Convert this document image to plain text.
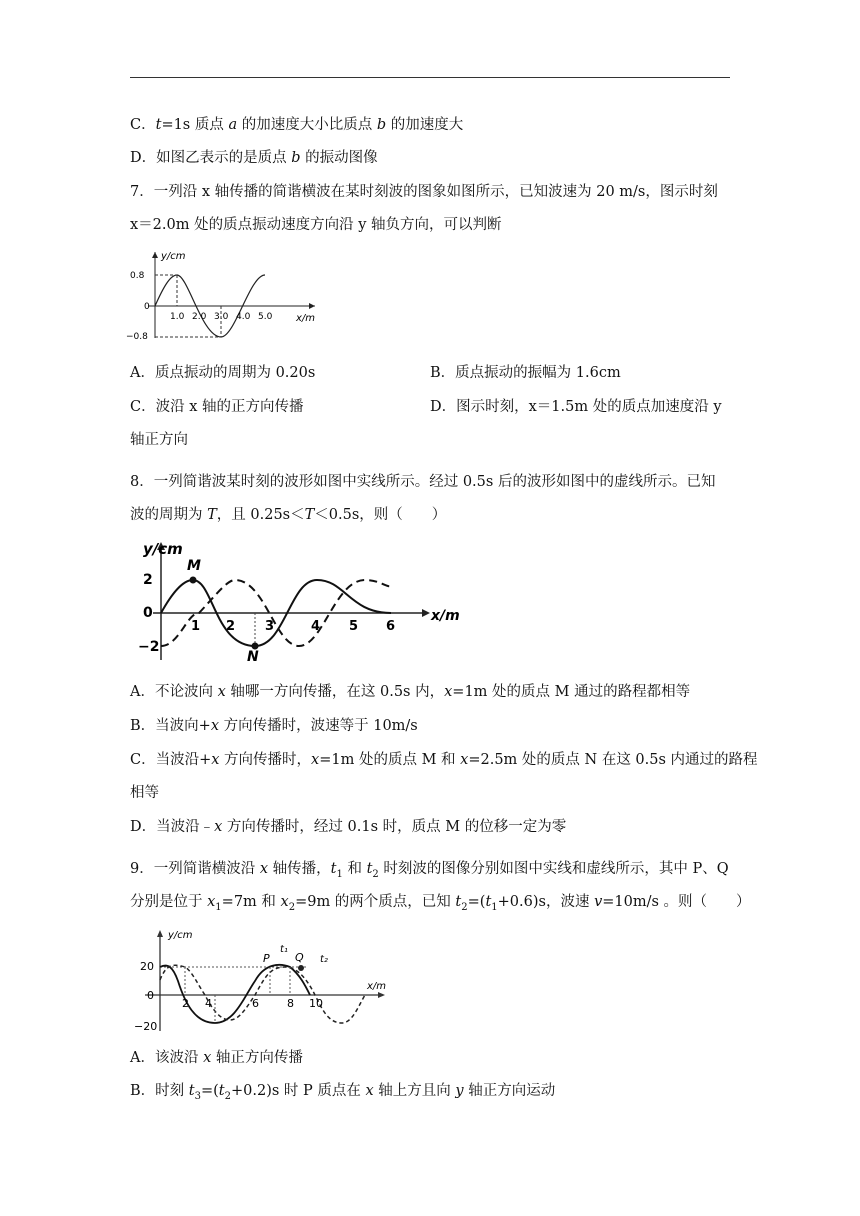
C．t=1s 质点 a 的加速度大小比质点 b 的加速度大
D．如图乙表示的是质点 b 的振动图像
7．一列沿 x 轴传播的简谐横波在某时刻波的图象如图所示，已知波速为 20 m/s，图示时刻
x＝2.0m 处的质点振动速度方向沿 y 轴负方向，可以判断
y/cm
x/m
0.8
0
−0.8
1.0 2.0 3.0 4.0 5.0
A．质点振动的周期为 0.20s	B．质点振动的振幅为 1.6cm
C．波沿 x 轴的正方向传播	D．图示时刻，x＝1.5m 处的质点加速度沿 y
轴正方向
8．一列简谐波某时刻的波形如图中实线所示。经过 0.5s 后的波形如图中的虚线所示。已知
波的周期为 T，且 0.25s＜T＜0.5s，则（　　）
y/cm
x/m
2
0
−2
1 2 3	4 5 6
M
N
A．不论波向 x 轴哪一方向传播，在这 0.5s 内，x=1m 处的质点 M 通过的路程都相等
B．当波向+x 方向传播时，波速等于 10m/s
C．当波沿+x 方向传播时，x=1m 处的质点 M 和 x=2.5m 处的质点 N 在这 0.5s 内通过的路程
相等
D．当波沿﹣x 方向传播时，经过 0.1s 时，质点 M 的位移一定为零
9．一列简谐横波沿 x 轴传播，$t_1$ 和 $t_2$ 时刻波的图像分别如图中实线和虚线所示，其中 P、Q
分别是位于 $x_1=7m$ 和 $x_2=9m$ 的两个质点，已知 $t_2=(t_1+0.6)s$，波速 v=10m/s 。则（　　）
y/cm
x/m
20
0
−20
2 4	6	8 10
P Q
t₁
t₂
A．该波沿 x 轴正方向传播
B．时刻 $t_3=(t_2+0.2)s$ 时 P 质点在 x 轴上方且向 y 轴正方向运动
